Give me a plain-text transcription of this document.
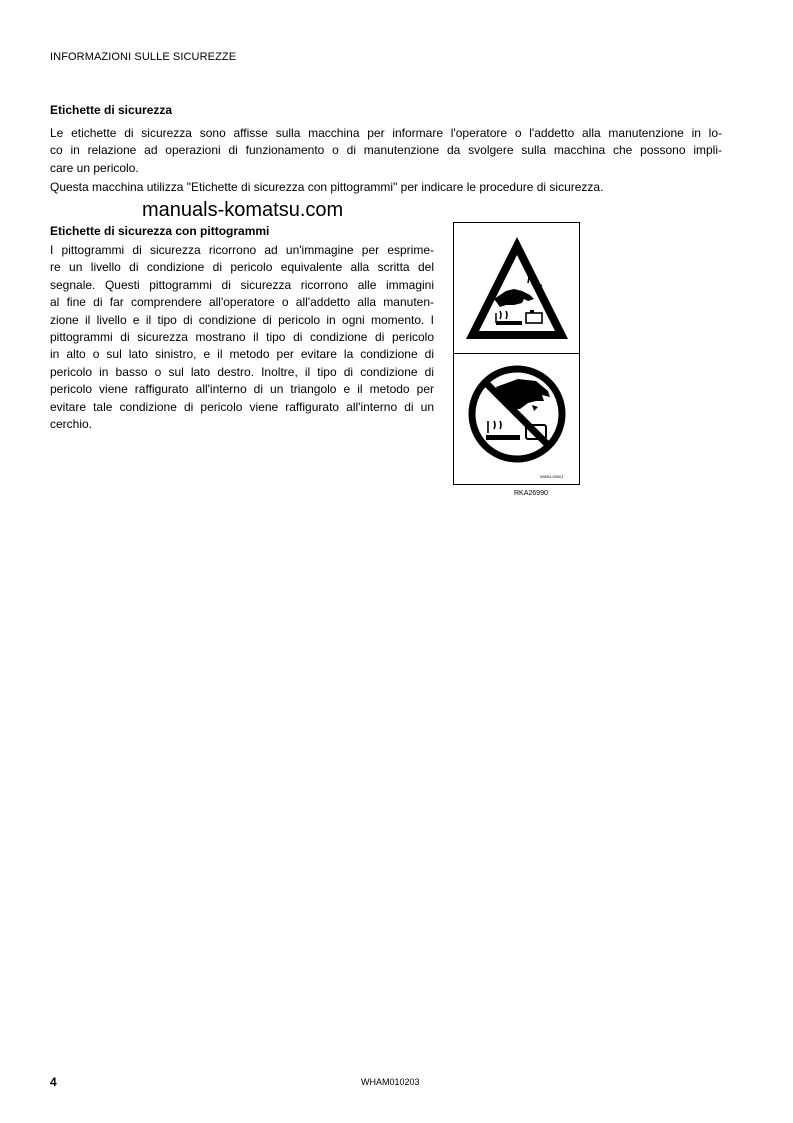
INFORMAZIONI SULLE SICUREZZE
Etichette di sicurezza
Le etichette di sicurezza sono affisse sulla macchina per informare l'operatore o l'addetto alla manutenzione in lo-
co in relazione ad operazioni di funzionamento o di manutenzione da svolgere sulla macchina che possono impli-
care un pericolo.
Questa macchina utilizza "Etichette di sicurezza con pittogrammi" per indicare le procedure di sicurezza.
manuals-komatsu.com
Etichette di sicurezza con pittogrammi
I pittogrammi di sicurezza ricorrono ad un'immagine per esprime-
re un livello di condizione di pericolo equivalente alla scritta del
segnale. Questi pittogrammi di sicurezza ricorrono alle immagini
al fine di far comprendere all'operatore o all'addetto alla manuten-
zione il livello e il tipo di condizione di pericolo in ogni momento. I
pittogrammi di sicurezza mostrano il tipo di condizione di pericolo
in alto o sul lato sinistro, e il metodo per evitare la condizione di
pericolo in basso o sul lato destro. Inoltre, il tipo di condizione di
pericolo viene raffigurato all'interno di un triangolo e il metodo per
evitare tale condizione di pericolo viene raffigurato all'interno di un
cerchio.
09654-00001
RKA26990
4	WHAM010203
